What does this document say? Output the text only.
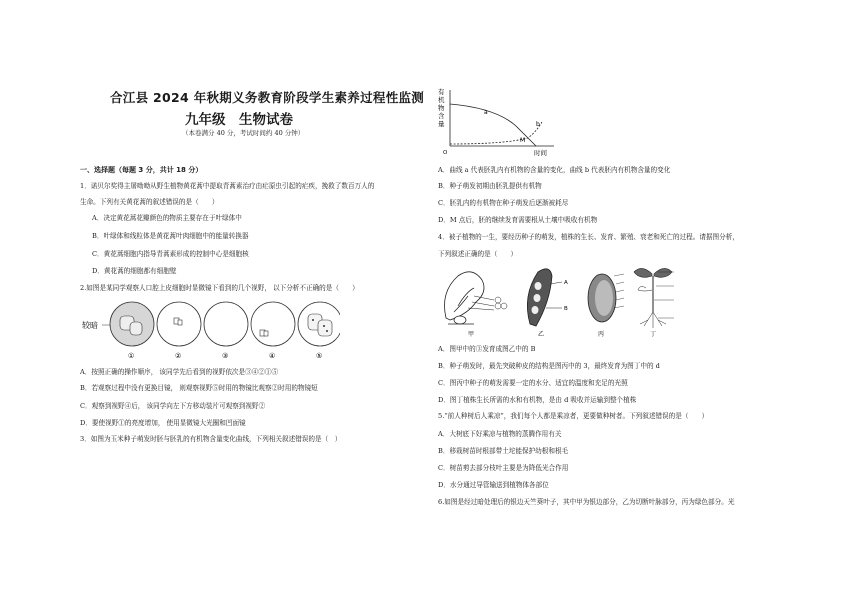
合江县 2024 年秋期义务教育阶段学生素养过程性监测
九年级　生物试卷
（本卷满分 40 分，考试时间约 40 分钟）
一、选择题（每题 3 分，共计 18 分）
1．诺贝尔奖得主屠呦呦从野生植物黄花蒿中提取青蒿素治疗由疟原虫引起的疟疾，挽救了数百万人的
生命。下列有关黄花蒿的叙述错误的是（　　）
A．决定黄花蒿花瓣颜色的物质主要存在于叶绿体中
B．叶绿体和线粒体是黄花蒿叶肉细胞中的能量转换器
C．黄花蒿细胞内指导青蒿素形成的控制中心是细胞核
D．黄花蒿的细胞都有细胞壁
2.如图是某同学观察人口腔上皮细胞时显微镜下看到的几个视野， 以下分析不正确的是（　　）
较暗
①	②	③	④	⑤
A．按照正确的操作顺序， 该同学先后看到的视野依次是③④②①⑤
B．若观察过程中没有更换目镜， 则观察视野⑤时用的物镜比观察②时用的物镜短
C．观察到视野④后， 该同学向左下方移动装片可观察到视野②
D．要使视野①的亮度增加， 使用显微镜大光圈和凹面镜
3．如图为玉米种子萌发时胚与胚乳的有机物含量变化曲线，下列相关叙述错误的是（　）
有
机
物
含
量
a
b
M
O	时间
A．曲线 a 代表胚乳内有机物的含量的变化，曲线 b 代表胚内有机物含量的变化
B．种子萌发初期由胚乳提供有机物
C．胚乳内的有机物在种子萌发后逐渐被耗尽
D．M 点后，胚的继续发育需要根从土壤中吸收有机物
4．被子植物的一生，要经历种子的萌发，植株的生长、发育、繁殖、衰老和死亡的过程。请据图分析，
下列叙述正确的是（　　）
A
B
甲	乙	丙	丁
A．图甲中的③发育成图乙中的 B
B．种子萌发时，最先突破种皮的结构是图丙中的 3，最终发育为图丁中的 d
C．图丙中种子的萌发需要一定的水分、适宜的温度和充足的光照
D．图丁植株生长所需的水和有机物，是由 d 吸收并运输到整个植株
5.“前人种树后人乘凉”，我们每个人都是乘凉者，更要做种树者。下列叙述错误的是（　　）
A．大树底下好乘凉与植物的蒸腾作用有关
B．移栽树苗时根部带土坨能保护幼根和根毛
C．树苗剪去部分枝叶主要是为降低光合作用
D．水分通过导管输送到植物体各部位
6.如图是经过暗处理后的银边天竺葵叶子，其中甲为银边部分，乙为切断叶脉部分，丙为绿色部分。光
